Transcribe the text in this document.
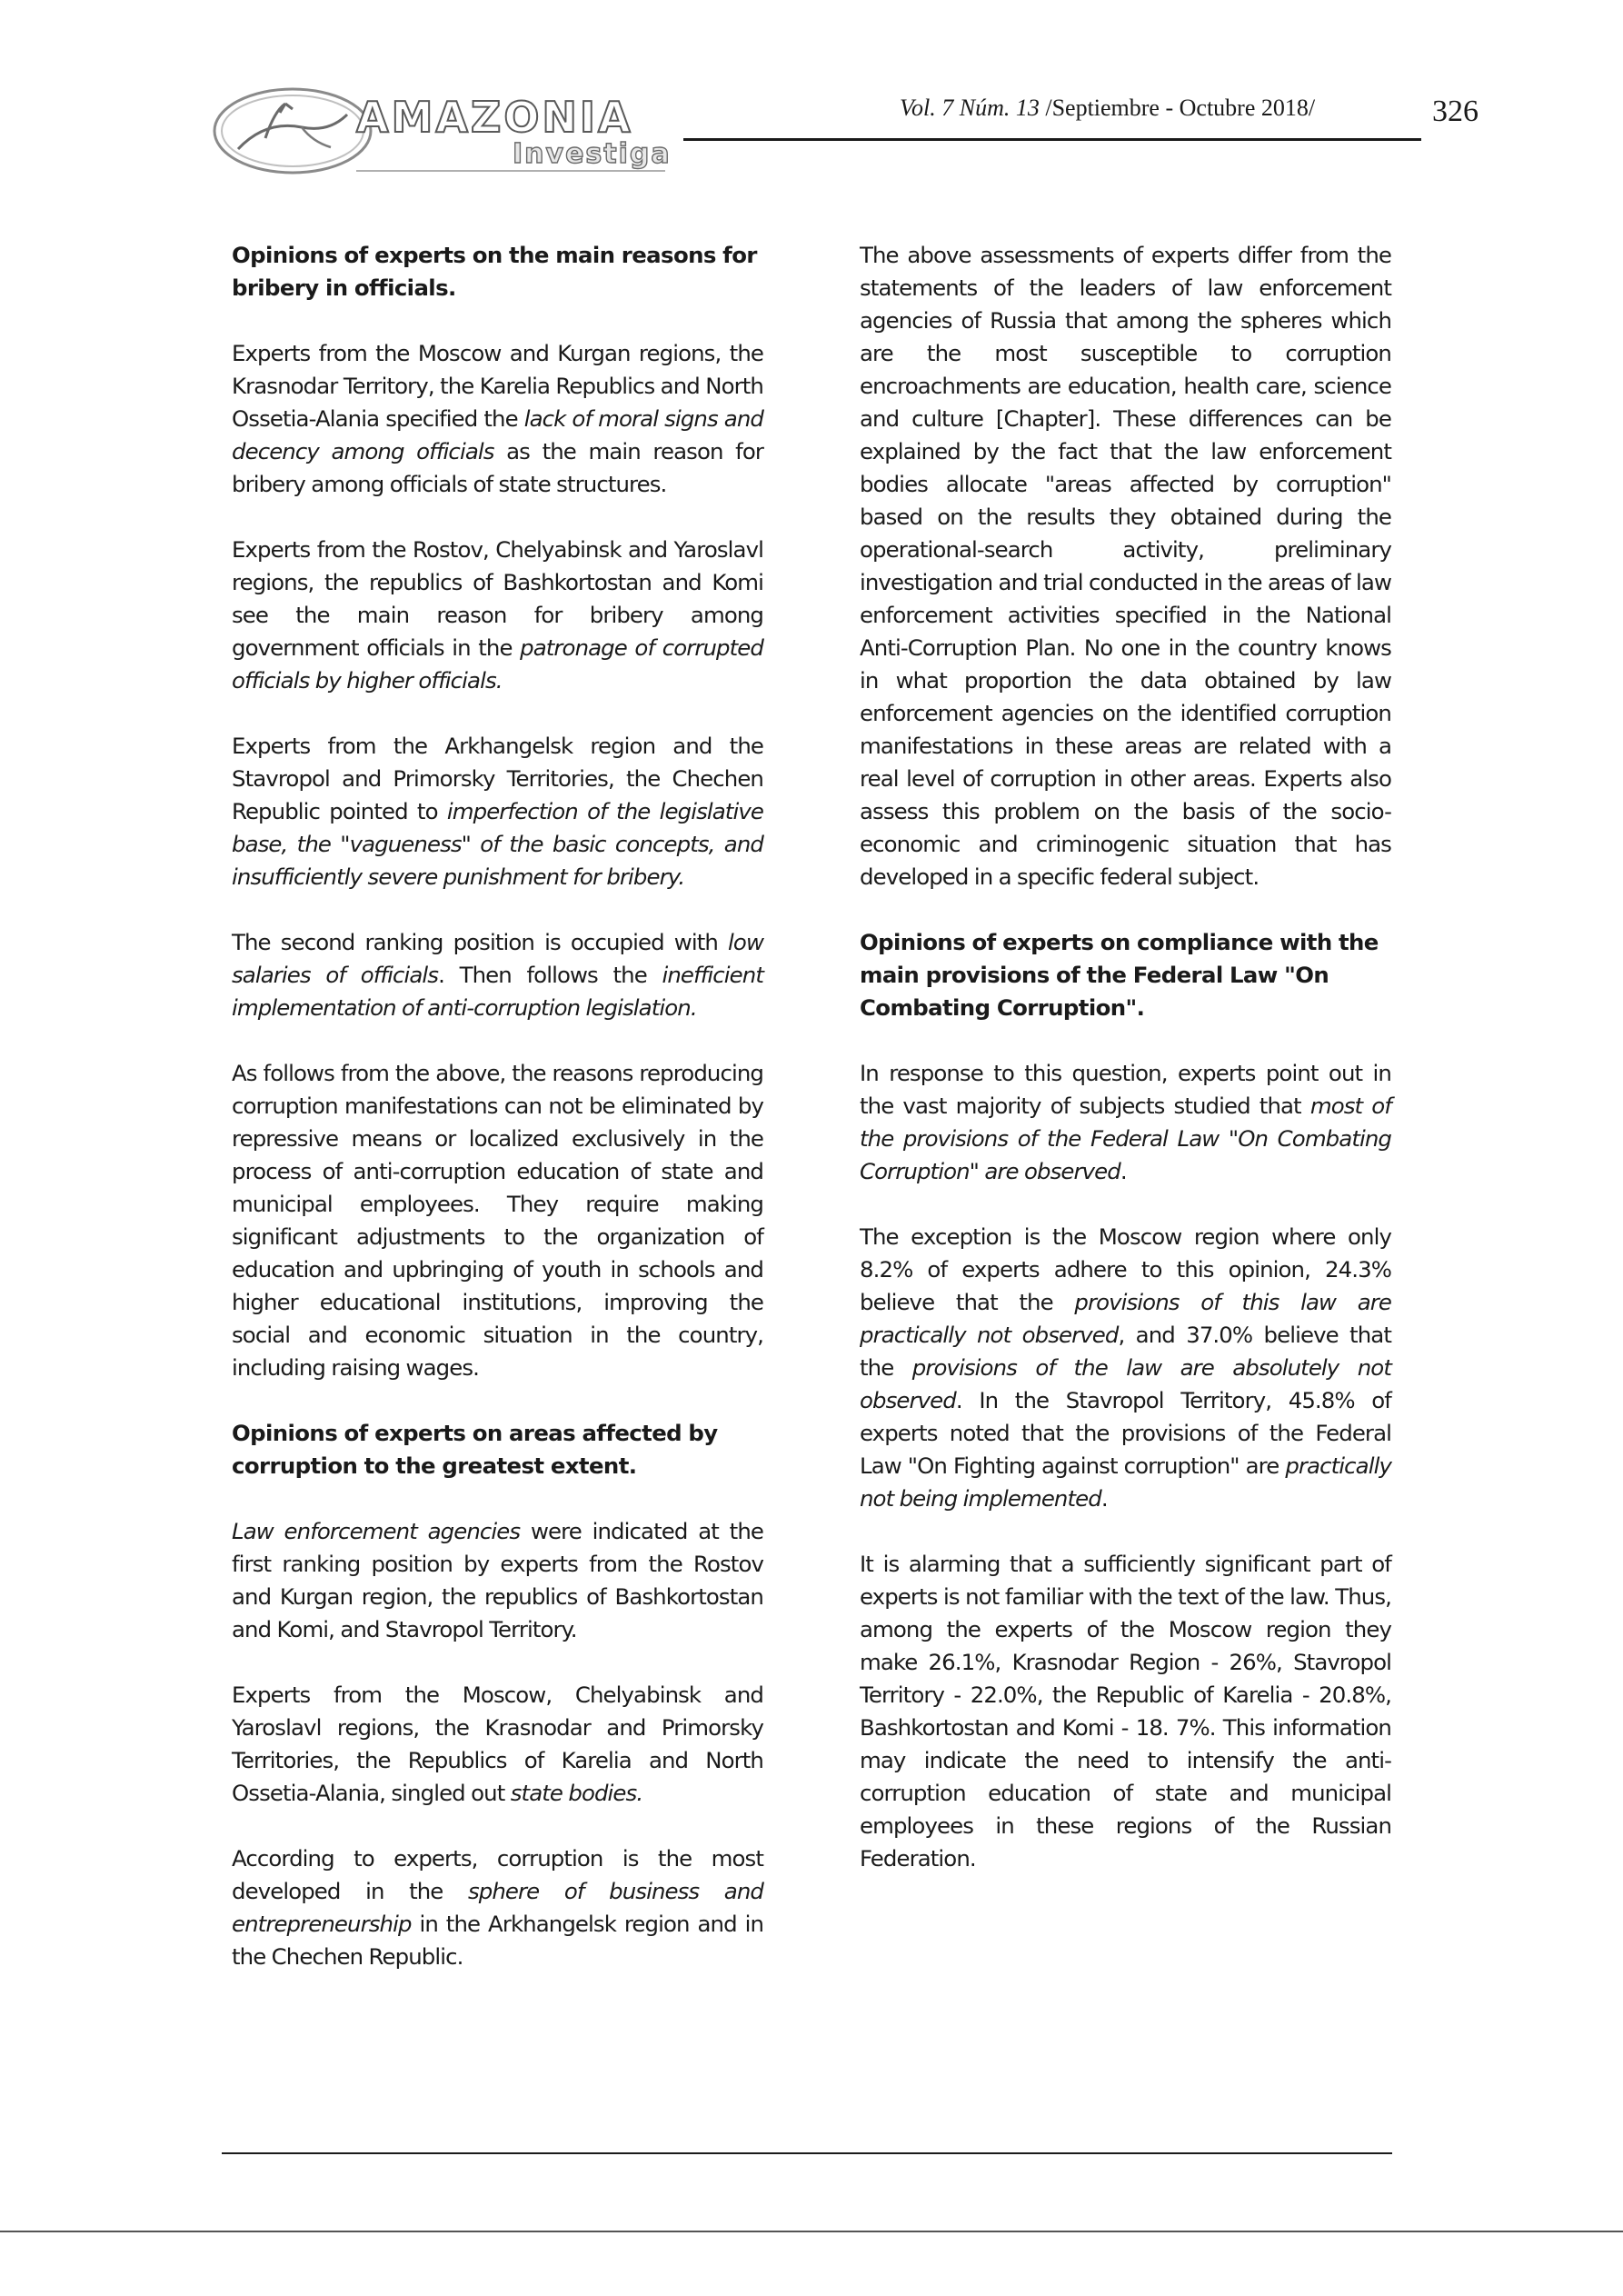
AMAZONIA
Investiga
Vol. 7 Núm. 13 /Septiembre - Octubre 2018/	326

Opinions of experts on the main reasons for bribery in officials.

Experts from the Moscow and Kurgan regions, the Krasnodar Territory, the Karelia Republics and North Ossetia-Alania specified the lack of moral signs and decency among officials as the main reason for bribery among officials of state structures.

Experts from the Rostov, Chelyabinsk and Yaroslavl regions, the republics of Bashkortostan and Komi see the main reason for bribery among government officials in the patronage of corrupted officials by higher officials.

Experts from the Arkhangelsk region and the Stavropol and Primorsky Territories, the Chechen Republic pointed to imperfection of the legislative base, the "vagueness" of the basic concepts, and insufficiently severe punishment for bribery.

The second ranking position is occupied with low salaries of officials. Then follows the inefficient implementation of anti-corruption legislation.

As follows from the above, the reasons reproducing corruption manifestations can not be eliminated by repressive means or localized exclusively in the process of anti-corruption education of state and municipal employees. They require making significant adjustments to the organization of education and upbringing of youth in schools and higher educational institutions, improving the social and economic situation in the country, including raising wages.

Opinions of experts on areas affected by corruption to the greatest extent.

Law enforcement agencies were indicated at the first ranking position by experts from the Rostov and Kurgan region, the republics of Bashkortostan and Komi, and Stavropol Territory.

Experts from the Moscow, Chelyabinsk and Yaroslavl regions, the Krasnodar and Primorsky Territories, the Republics of Karelia and North Ossetia-Alania, singled out state bodies.

According to experts, corruption is the most developed in the sphere of business and entrepreneurship in the Arkhangelsk region and in the Chechen Republic.

The above assessments of experts differ from the statements of the leaders of law enforcement agencies of Russia that among the spheres which are the most susceptible to corruption encroachments are education, health care, science and culture [Chapter]. These differences can be explained by the fact that the law enforcement bodies allocate "areas affected by corruption" based on the results they obtained during the operational-search activity, preliminary investigation and trial conducted in the areas of law enforcement activities specified in the National Anti-Corruption Plan. No one in the country knows in what proportion the data obtained by law enforcement agencies on the identified corruption manifestations in these areas are related with a real level of corruption in other areas. Experts also assess this problem on the basis of the socio-economic and criminogenic situation that has developed in a specific federal subject.

Opinions of experts on compliance with the main provisions of the Federal Law "On Combating Corruption".

In response to this question, experts point out in the vast majority of subjects studied that most of the provisions of the Federal Law "On Combating Corruption" are observed.

The exception is the Moscow region where only 8.2% of experts adhere to this opinion, 24.3% believe that the provisions of this law are practically not observed, and 37.0% believe that the provisions of the law are absolutely not observed. In the Stavropol Territory, 45.8% of experts noted that the provisions of the Federal Law "On Fighting against corruption" are practically not being implemented.

It is alarming that a sufficiently significant part of experts is not familiar with the text of the law. Thus, among the experts of the Moscow region they make 26.1%, Krasnodar Region - 26%, Stavropol Territory - 22.0%, the Republic of Karelia - 20.8%, Bashkortostan and Komi - 18. 7%. This information may indicate the need to intensify the anti-corruption education of state and municipal employees in these regions of the Russian Federation.
